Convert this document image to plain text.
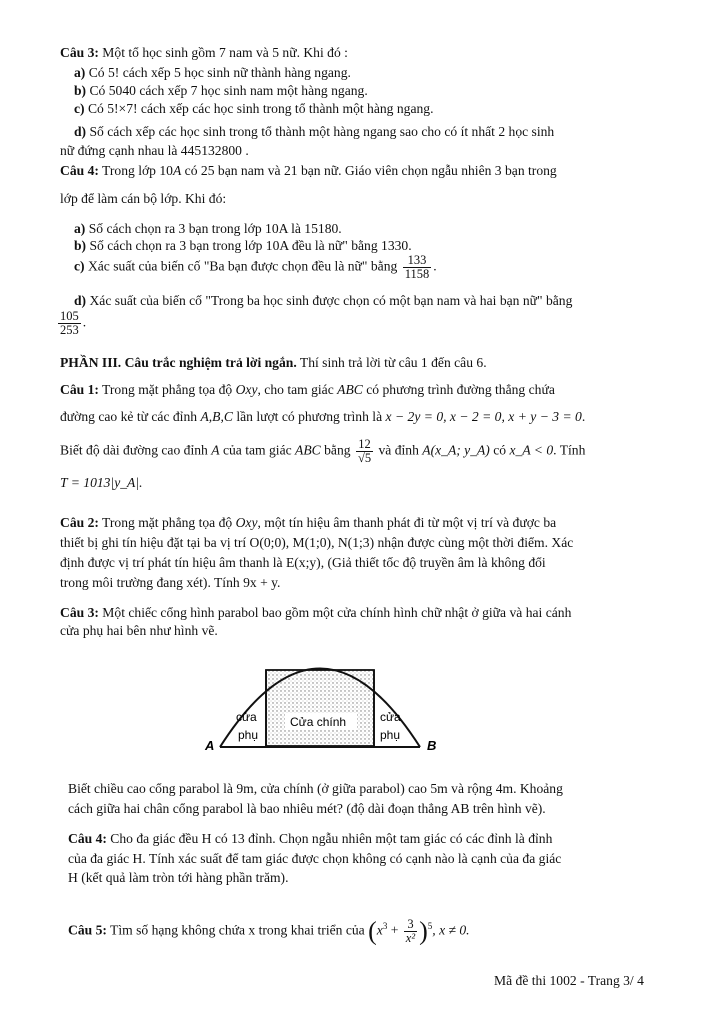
Câu 3: Một tổ học sinh gồm 7 nam và 5 nữ. Khi đó :
a) Có 5! cách xếp 5 học sinh nữ thành hàng ngang.
b) Có 5040 cách xếp 7 học sinh nam một hàng ngang.
c) Có 5!×7! cách xếp các học sinh trong tổ thành một hàng ngang.
d) Số cách xếp các học sinh trong tổ thành một hàng ngang sao cho có ít nhất 2 học sinh
nữ đứng cạnh nhau là 445132800 .
Câu 4: Trong lớp 10A có 25 bạn nam và 21 bạn nữ. Giáo viên chọn ngẫu nhiên 3 bạn trong
lớp để làm cán bộ lớp. Khi đó:
a) Số cách chọn ra 3 bạn trong lớp 10A là 15180.
b) Số cách chọn ra 3 bạn trong lớp 10A đều là nữ" bằng 1330.
c) Xác suất của biến cố "Ba bạn được chọn đều là nữ" bằng $\frac{133}{1158}$ .
d) Xác suất của biến cố "Trong ba học sinh được chọn có một bạn nam và hai bạn nữ" bằng
$\frac{105}{253}$ .
PHẦN III. Câu trắc nghiệm trả lời ngắn. Thí sinh trả lời từ câu 1 đến câu 6.
Câu 1: Trong mặt phẳng tọa độ Oxy, cho tam giác ABC có phương trình đường thẳng chứa
đường cao kẻ từ các đỉnh A,B,C lần lượt có phương trình là x − 2y = 0, x − 2 = 0, x + y − 3 = 0.
Biết độ dài đường cao đỉnh A của tam giác ABC bằng $\frac{12}{√5}$ và đỉnh A(x_A; y_A) có x_A < 0. Tính
T = 1013|y_A|.
Câu 2: Trong mặt phẳng tọa độ Oxy, một tín hiệu âm thanh phát đi từ một vị trí và được ba
thiết bị ghi tín hiệu đặt tại ba vị trí O(0;0), M(1;0), N(1;3) nhận được cùng một thời điểm. Xác
định được vị trí phát tín hiệu âm thanh là E(x;y), (Giả thiết tốc độ truyền âm là không đổi
trong môi trường đang xét). Tính 9x + y.
Câu 3: Một chiếc cổng hình parabol bao gồm một cửa chính hình chữ nhật ở giữa và hai cánh
cửa phụ hai bên như hình vẽ.
cửa
phụ
Cửa chính	cửa
phụ
A	B
Biết chiều cao cổng parabol là 9m, cửa chính (ở giữa parabol) cao 5m và rộng 4m. Khoảng
cách giữa hai chân cổng parabol là bao nhiêu mét? (độ dài đoạn thẳng AB trên hình vẽ).
Câu 4: Cho đa giác đều H có 13 đỉnh. Chọn ngẫu nhiên một tam giác có các đỉnh là đỉnh
của đa giác H. Tính xác suất để tam giác được chọn không có cạnh nào là cạnh của đa giác
H (kết quả làm tròn tới hàng phần trăm).
Câu 5: Tìm số hạng không chứa x trong khai triển của $(x^3 + \frac{3}{\text{x²}} )^5$, x ≠ 0.
Mã đề thi 1002 - Trang 3/ 4
